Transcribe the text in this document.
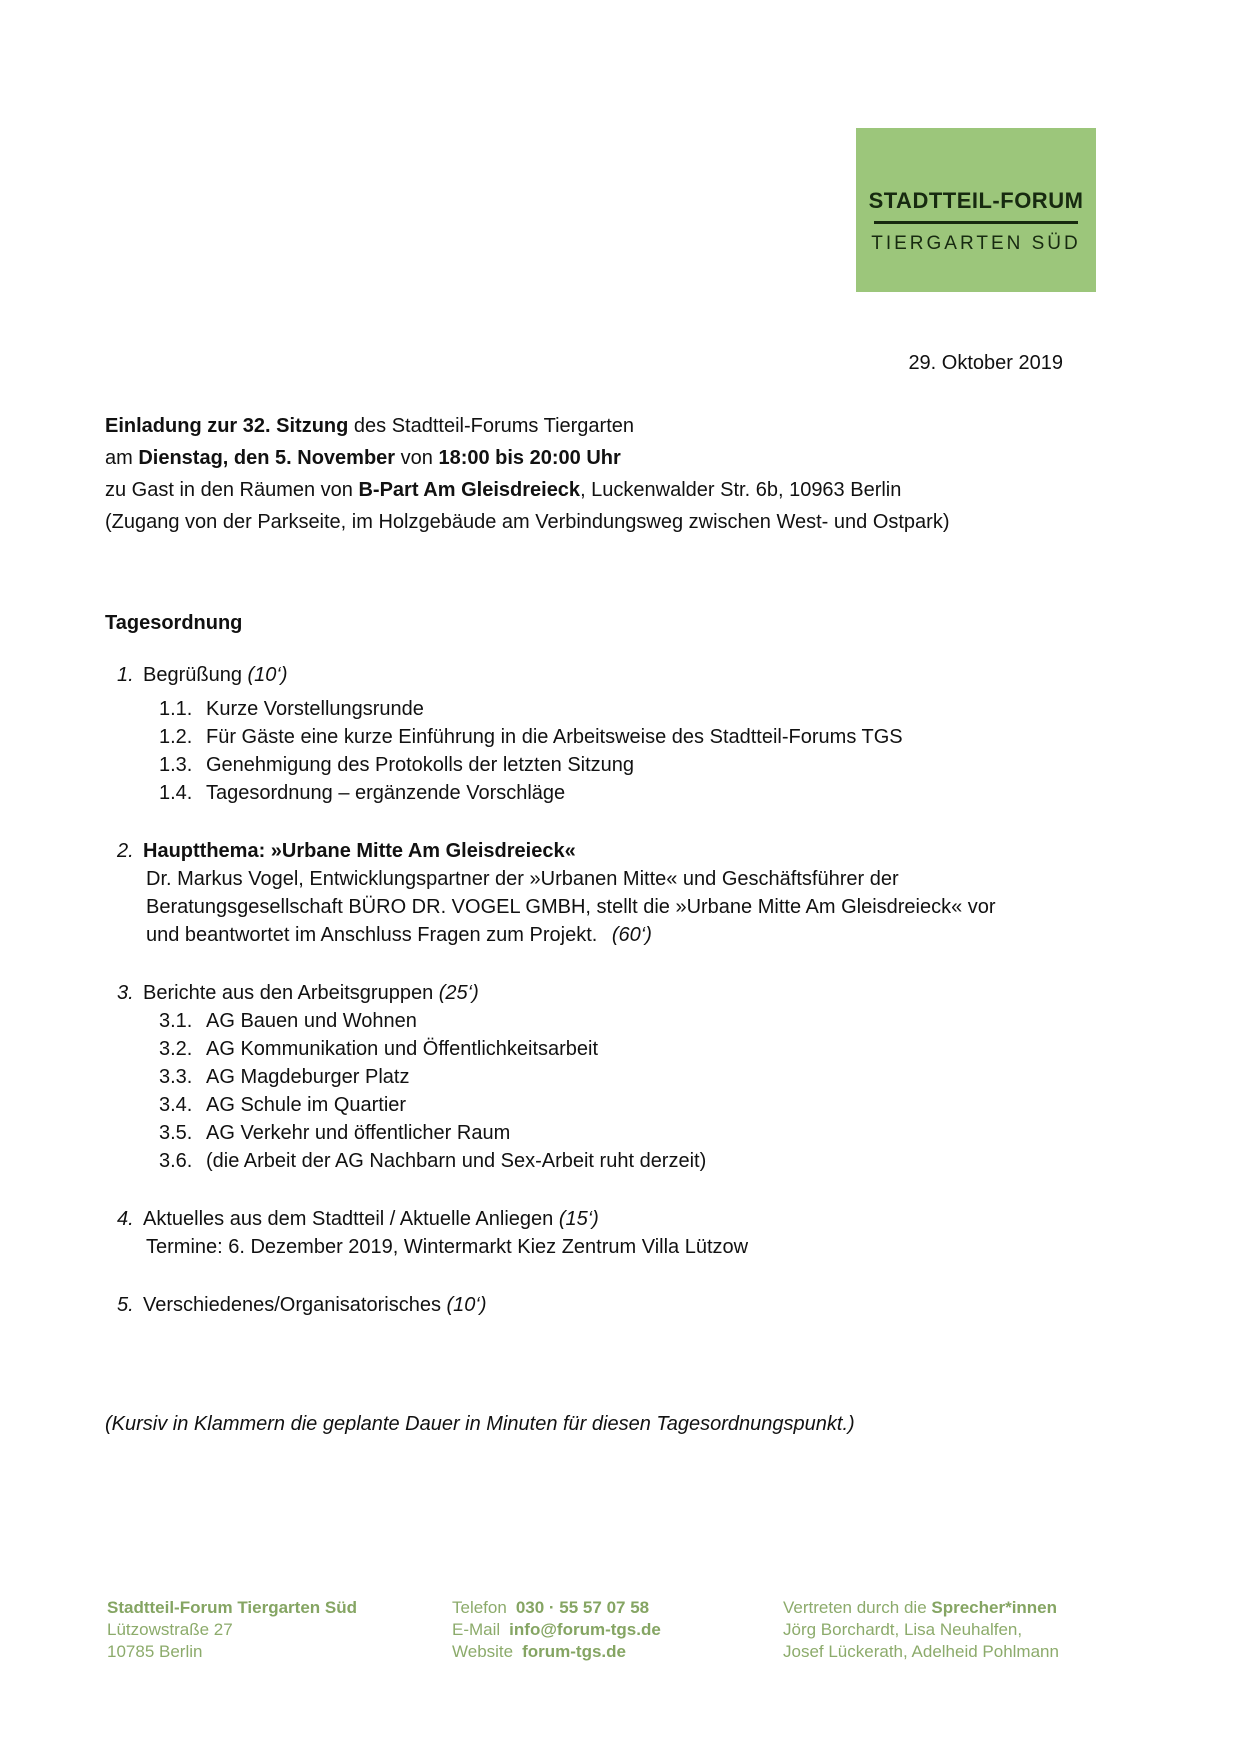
STADTTEIL-FORUM
TIERGARTEN SÜD
29. Oktober 2019
Einladung zur 32. Sitzung des Stadtteil-Forums Tiergarten
am Dienstag, den 5. November von 18:00 bis 20:00 Uhr
zu Gast in den Räumen von B-Part Am Gleisdreieck, Luckenwalder Str. 6b, 10963 Berlin
(Zugang von der Parkseite, im Holzgebäude am Verbindungsweg zwischen West- und Ostpark)
Tagesordnung
1. Begrüßung (10‘)
1.1. Kurze Vorstellungsrunde
1.2. Für Gäste eine kurze Einführung in die Arbeitsweise des Stadtteil-Forums TGS
1.3. Genehmigung des Protokolls der letzten Sitzung
1.4. Tagesordnung – ergänzende Vorschläge
2. Hauptthema: »Urbane Mitte Am Gleisdreieck«
Dr. Markus Vogel, Entwicklungspartner der »Urbanen Mitte« und Geschäftsführer der
Beratungsgesellschaft BÜRO DR. VOGEL GMBH, stellt die »Urbane Mitte Am Gleisdreieck« vor
und beantwortet im Anschluss Fragen zum Projekt. (60‘)
3. Berichte aus den Arbeitsgruppen (25‘)
3.1. AG Bauen und Wohnen
3.2. AG Kommunikation und Öffentlichkeitsarbeit
3.3. AG Magdeburger Platz
3.4. AG Schule im Quartier
3.5. AG Verkehr und öffentlicher Raum
3.6. (die Arbeit der AG Nachbarn und Sex-Arbeit ruht derzeit)
4. Aktuelles aus dem Stadtteil / Aktuelle Anliegen (15‘)
Termine: 6. Dezember 2019, Wintermarkt Kiez Zentrum Villa Lützow
5. Verschiedenes/Organisatorisches (10‘)
(Kursiv in Klammern die geplante Dauer in Minuten für diesen Tagesordnungspunkt.)
Stadtteil-Forum Tiergarten Süd
Lützowstraße 27
10785 Berlin
Telefon 030 · 55 57 07 58
E-Mail info@forum-tgs.de
Website forum-tgs.de
Vertreten durch die Sprecher*innen
Jörg Borchardt, Lisa Neuhalfen,
Josef Lückerath, Adelheid Pohlmann
